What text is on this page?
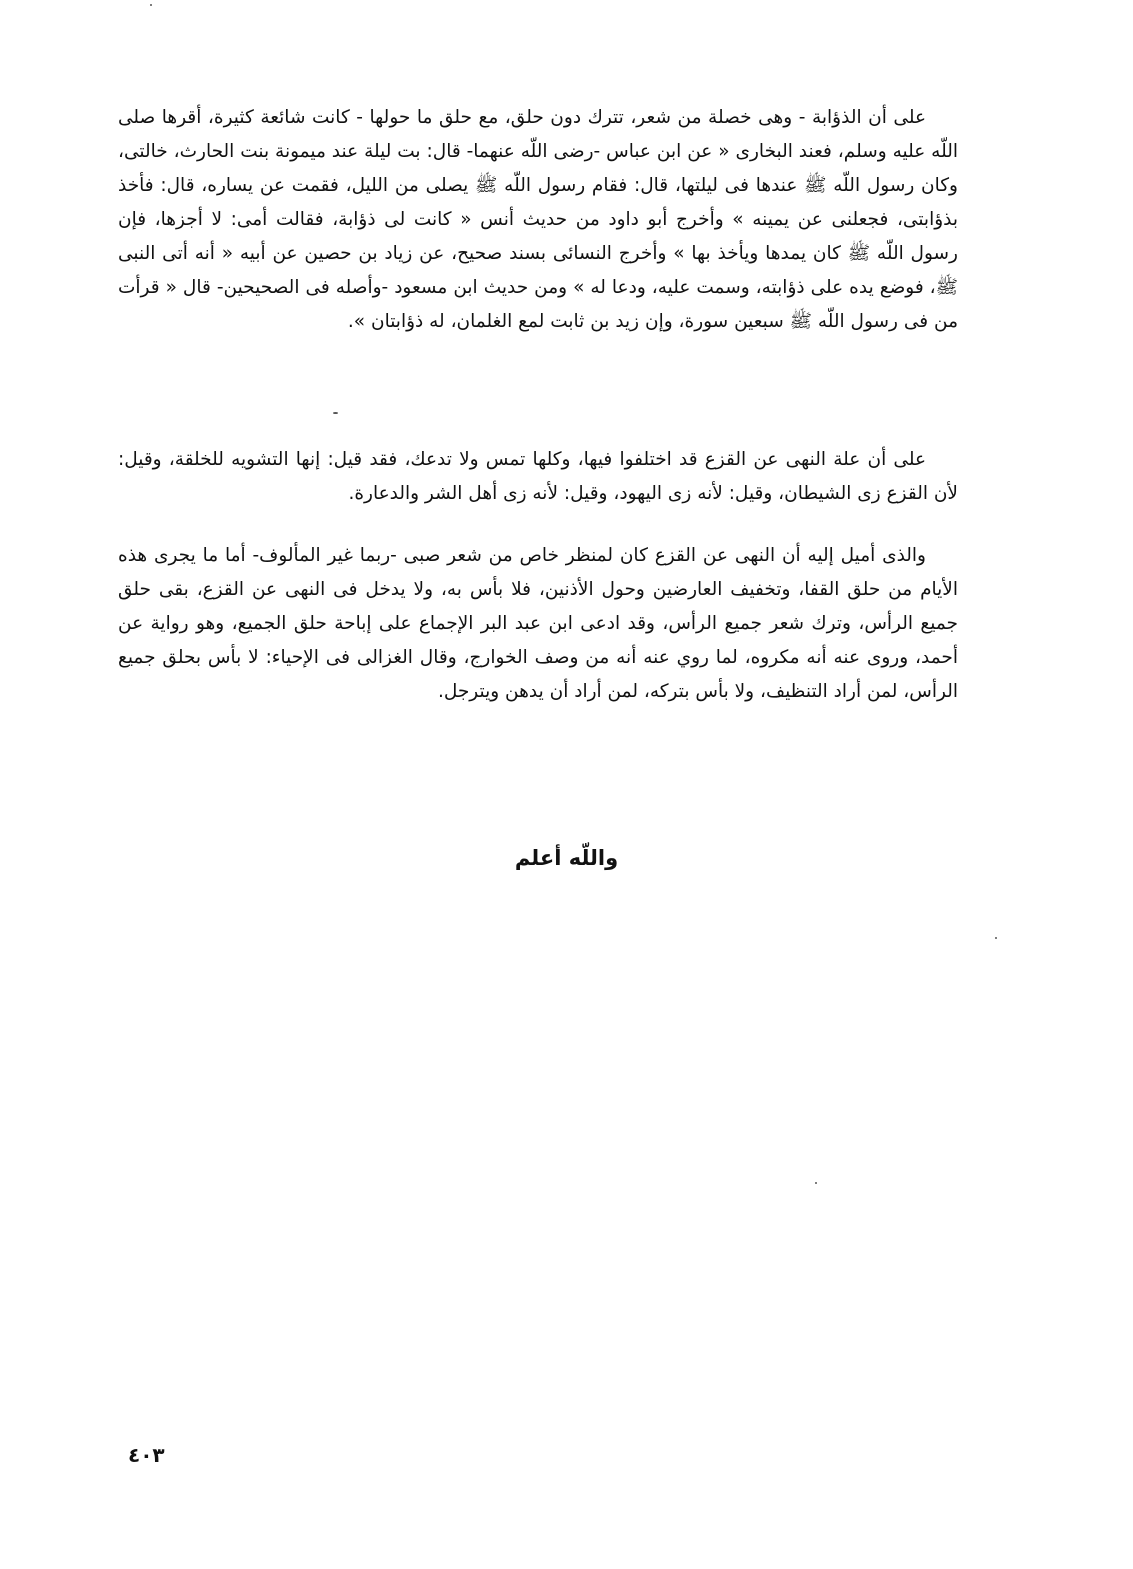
على أن الذؤابة - وهى خصلة من شعر، تترك دون حلق، مع حلق ما حولها - كانت شائعة كثيرة، أقرها صلى اللّه عليه وسلم، فعند البخارى « عن ابن عباس -رضى اللّه عنهما- قال: بت ليلة عند ميمونة بنت الحارث، خالتى، وكان رسول اللّه ﷺ عندها فى ليلتها، قال: فقام رسول اللّه ﷺ يصلى من الليل، فقمت عن يساره، قال: فأخذ بذؤابتى، فجعلنى عن يمينه » وأخرج أبو داود من حديث أنس « كانت لى ذؤابة، فقالت أمى: لا أجزها، فإن رسول اللّه ﷺ كان يمدها ويأخذ بها » وأخرج النسائى بسند صحيح، عن زياد بن حصين عن أبيه « أنه أتى النبى ﷺ، فوضع يده على ذؤابته، وسمت عليه، ودعا له » ومن حديث ابن مسعود -وأصله فى الصحيحين- قال « قرأت من فى رسول اللّه ﷺ سبعين سورة، وإن زيد بن ثابت لمع الغلمان، له ذؤابتان ».

على أن علة النهى عن القزع قد اختلفوا فيها، وكلها تمس ولا تدعك، فقد قيل: إنها التشويه للخلقة، وقيل: لأن القزع زى الشيطان، وقيل: لأنه زى اليهود، وقيل: لأنه زى أهل الشر والدعارة.

والذى أميل إليه أن النهى عن القزع كان لمنظر خاص من شعر صبى -ربما غير المألوف- أما ما يجرى هذه الأيام من حلق القفا، وتخفيف العارضين وحول الأذنين، فلا بأس به، ولا يدخل فى النهى عن القزع، بقى حلق جميع الرأس، وترك شعر جميع الرأس، وقد ادعى ابن عبد البر الإجماع على إباحة حلق الجميع، وهو رواية عن أحمد، وروى عنه أنه مكروه، لما روي عنه أنه من وصف الخوارج، وقال الغزالى فى الإحياء: لا بأس بحلق جميع الرأس، لمن أراد التنظيف، ولا بأس بتركه، لمن أراد أن يدهن ويترجل.

واللّه أعلم
٤٠٣
